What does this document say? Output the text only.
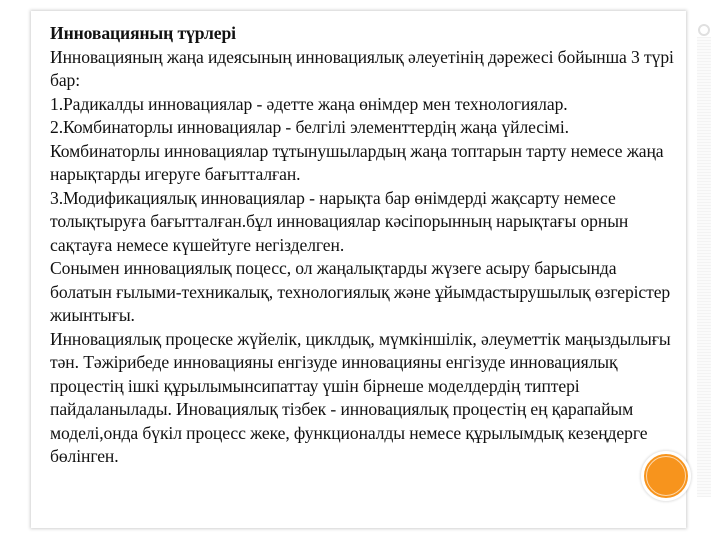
Инновацияның түрлері

Инновацияның жаңа идеясының инновациялық әлеуетінің дәрежесі бойынша 3 түрі бар:

1.Радикалды инновациялар - әдетте жаңа өнімдер мен технологиялар.

2.Комбинаторлы инновациялар - белгілі элементтердің жаңа үйлесімі. Комбинаторлы инновациялар тұтынушылардың жаңа топтарын тарту немесе жаңа нарықтарды игеруге бағытталған.

3.Модификациялық инновациялар - нарықта бар өнімдерді жақсарту немесе толықтыруға бағытталған.бұл инновациялар кәсіпорынның нарықтағы орнын сақтауға немесе күшейтуге негізделген.

Сонымен инновациялық поцесс, ол жаңалықтарды жүзеге асыру барысында болатын ғылыми-техникалық, технологиялық және ұйымдастырушылық өзгерістер жиынтығы.

Инновациялық процеске жүйелік, циклдық, мүмкіншілік, әлеуметтік маңыздылығы тән. Тәжірибеде инновацияны енгізуде инновацияны енгізуде инновациялық процестің ішкі құрылымынсипаттау үшін бірнеше моделдердің типтері пайдаланылады. Иновациялық тізбек - инновациялық процестің ең қарапайым моделі,онда бүкіл процесс жеке, функционалды немесе құрылымдық кезеңдерге бөлінген.
